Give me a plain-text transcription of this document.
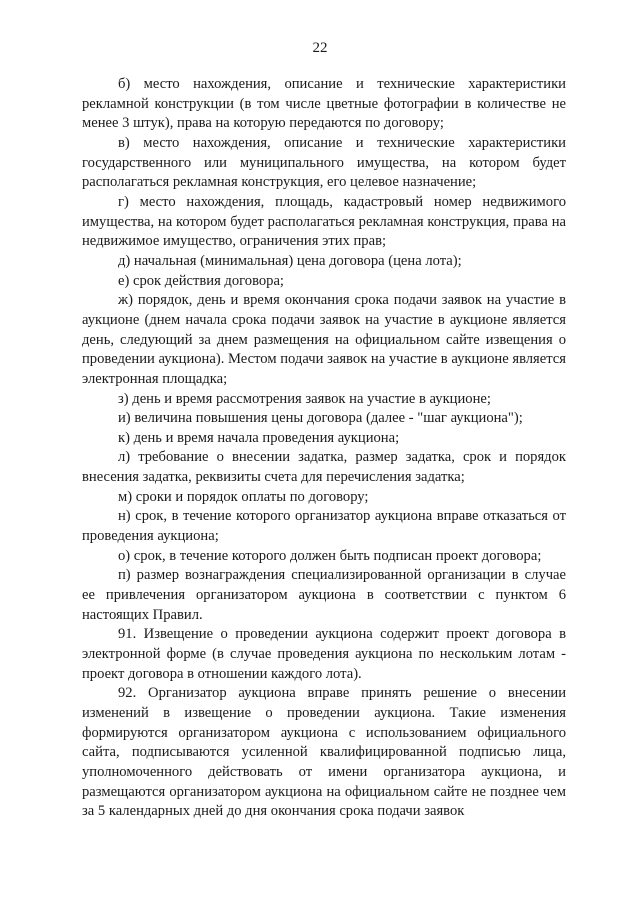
22

б) место нахождения, описание и технические характеристики рекламной конструкции (в том числе цветные фотографии в количестве не менее 3 штук), права на которую передаются по договору;

в) место нахождения, описание и технические характеристики государственного или муниципального имущества, на котором будет располагаться рекламная конструкция, его целевое назначение;

г) место нахождения, площадь, кадастровый номер недвижимого имущества, на котором будет располагаться рекламная конструкция, права на недвижимое имущество, ограничения этих прав;

д) начальная (минимальная) цена договора (цена лота);

е) срок действия договора;

ж) порядок, день и время окончания срока подачи заявок на участие в аукционе (днем начала срока подачи заявок на участие в аукционе является день, следующий за днем размещения на официальном сайте извещения о проведении аукциона). Местом подачи заявок на участие в аукционе является электронная площадка;

з) день и время рассмотрения заявок на участие в аукционе;

и) величина повышения цены договора (далее - "шаг аукциона");

к) день и время начала проведения аукциона;

л) требование о внесении задатка, размер задатка, срок и порядок внесения задатка, реквизиты счета для перечисления задатка;

м) сроки и порядок оплаты по договору;

н) срок, в течение которого организатор аукциона вправе отказаться от проведения аукциона;

о) срок, в течение которого должен быть подписан проект договора;

п) размер вознаграждения специализированной организации в случае ее привлечения организатором аукциона в соответствии с пунктом 6 настоящих Правил.

91. Извещение о проведении аукциона содержит проект договора в электронной форме (в случае проведения аукциона по нескольким лотам - проект договора в отношении каждого лота).

92. Организатор аукциона вправе принять решение о внесении изменений в извещение о проведении аукциона. Такие изменения формируются организатором аукциона с использованием официального сайта, подписываются усиленной квалифицированной подписью лица, уполномоченного действовать от имени организатора аукциона, и размещаются организатором аукциона на официальном сайте не позднее чем за 5 календарных дней до дня окончания срока подачи заявок
